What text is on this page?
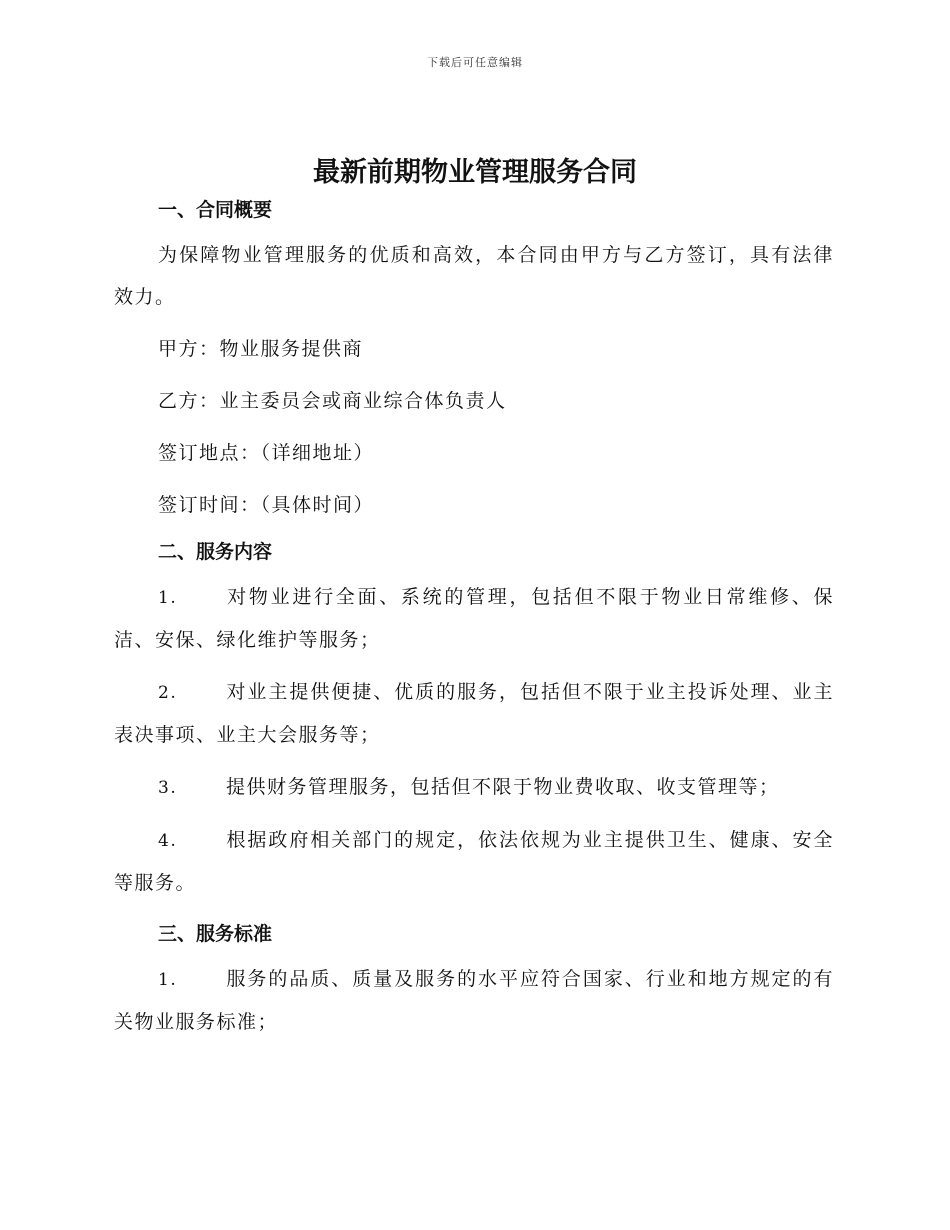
下载后可任意编辑
最新前期物业管理服务合同
一、合同概要

为保障物业管理服务的优质和高效，本合同由甲方与乙方签订，具有法律效力。

甲方：物业服务提供商

乙方：业主委员会或商业综合体负责人

签订地点：（详细地址）

签订时间：（具体时间）

二、服务内容

1.	对物业进行全面、系统的管理，包括但不限于物业日常维修、保洁、安保、绿化维护等服务；

2.	对业主提供便捷、优质的服务，包括但不限于业主投诉处理、业主表决事项、业主大会服务等；

3.	提供财务管理服务，包括但不限于物业费收取、收支管理等；

4.	根据政府相关部门的规定，依法依规为业主提供卫生、健康、安全等服务。

三、服务标准

1.	服务的品质、质量及服务的水平应符合国家、行业和地方规定的有关物业服务标准；
